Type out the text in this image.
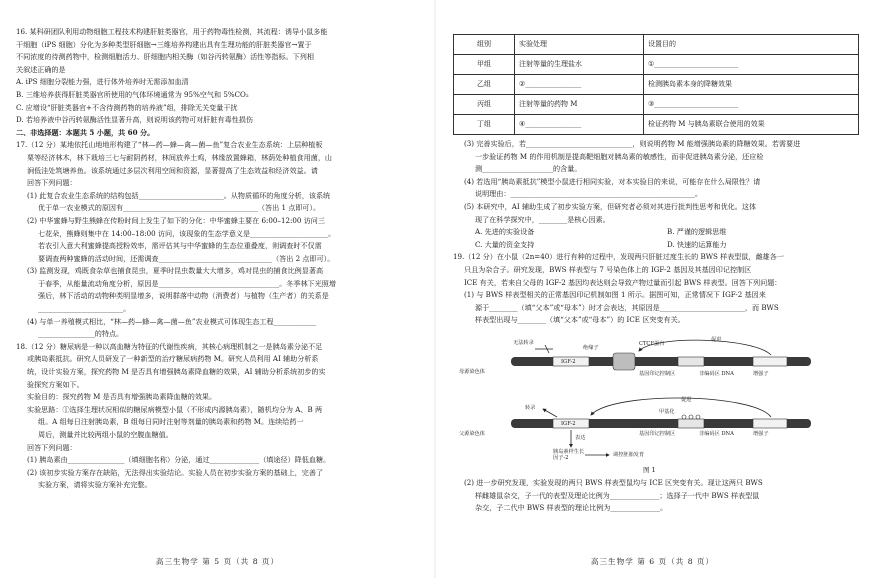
16. 某科研团队利用动物细胞工程技术构建肝脏类器官，用于药物毒性检测，其流程：诱导小鼠多能

干细胞（iPS 细胞）分化为多种类型肝细胞→三维培养构建出具有生理功能的肝脏类器官→置于

不同浓度的待测药物中，检测细胞活力、肝细胞内相关酶（如谷丙转氨酶）活性等指标。下列相

关叙述正确的是

A. iPS 细胞分裂能力强，进行体外培养时无需添加血清

B. 三维培养获得肝脏类器官所使用的气体环境通常为 95%空气和 5%CO₂

C. 应增设“肝脏类器官+不含待测药物的培养液”组，排除无关变量干扰

D. 若培养液中谷丙转氨酶活性显著升高，则说明该药物可对肝脏有毒性损伤

二、非选择题：本题共 5 小题，共 60 分。

17.（12 分）某地依托山地地形构建了“林—药—蜂—禽—菌—鱼”复合农业生态系统：上层种植板

栗等经济林木，林下栽培三七与耐阴药材，林间放养土鸡，林缘放置蜂箱，林荫处种植食用菌，山

涧低洼处筑塘养鱼。该系统通过多层次利用空间和资源，显著提高了生态效益和经济效益。请

回答下列问题：

(1) 此复合农业生态系统的结构包括________________________。从物质循环的角度分析，该系统

优于单一农业模式的原因有______________________________________（答出 1 点即可）。

(2) 中华蜜蜂与野生熊蜂在传粉时间上发生了如下的分化：中华蜜蜂主要在 6:00–12:00 访问三

七花朵，熊蜂则集中在 14:00–18:00 访问，该现象的生态学意义是______________________。

若农引入意大利蜜蜂提高授粉效率，需评估其与中华蜜蜂的生态位重叠度，则调查时不仅需

要调查两种蜜蜂的活动时间，还需调查________________________________（答出 2 点即可）。

(3) 监测发现，鸡既食杂草也捕食昆虫，夏季时昆虫数量大大增多，鸡对昆虫的捕食比例显著高

于春季，从能量流动角度分析，原因是__________________________________。冬季林下光照增

强后，林下活动的动物种类明显增多，说明群落中动物（消费者）与植物（生产者）的关系是

________________________。

(4) 与单一养殖模式相比，“林—药—蜂—禽—菌—鱼”农业模式可体现生态工程____________

________________的特点。

18.（12 分）糖尿病是一种以高血糖为特征的代谢性疾病，其核心病理机制之一是胰岛素分泌不足

或胰岛素抵抗。研究人员研发了一种新型的治疗糖尿病药物 M。研究人员利用 AI 辅助分析系

统，设计实验方案，探究药物 M 是否具有增强胰岛素降血糖的效果，AI 辅助分析系统初步的实

验探究方案如下。

实验目的：探究药物 M 是否具有增强胰岛素降血糖的效果。

实验思路：①选择生理状况相似的糖尿病模型小鼠（不形成内源胰岛素），随机均分为 A、B 两

组。A 组每日注射胰岛素，B 组每日同时注射等剂量的胰岛素和药物 M。连续给药一

周后，测量并比较两组小鼠的空腹血糖值。

回答下列问题：

(1) 胰岛素由________________（填细胞名称）分泌，通过______________（填途径）降低血糖。

(2) 该初步实验方案存在缺陷，无法得出实验结论。实验人员在初步实验方案的基础上，完善了

实验方案，请将实验方案补充完整。

高三生物学 第 5 页（共 8 页）
组别	实验处理	设置目的
甲组	注射等量的生理盐水	①________________________
乙组	②________________	检测胰岛素本身的降糖效果
丙组	注射等量的药物 M	③________________________
丁组	④________________	检证药物 M 与胰岛素联合使用的效果

(3) 完善实验后，若______________________________，则说明药物 M 能增强胰岛素的降糖效果。若需要进

一步验证药物 M 的作用机制是提高靶细胞对胰岛素的敏感性，而非促进胰岛素分泌，还应检

测____________________的含量。

(4) 若选用“胰岛素抵抗”模型小鼠进行相同实验，对本实验目的来说，可能存在什么局限性？请

说明理由：____________________________________________________。

(5) 本研究中，AI 辅助生成了初步实验方案，但研究者必须对其进行批判性思考和优化。这体

现了在科学探究中，________是核心因素。

A. 先进的实验设备	B. 严谨的逻辑思维
C. 大量的资金支持	D. 快速的运算能力

19.（12 分）在小鼠（2n=40）进行有种的过程中，发现两只肝脏过度生长的 BWS 样表型鼠，雌雄各一

只且为杂合子。研究发现，BWS 样表型与 7 号染色体上的 IGF-2 基因及其基因印记控制区

ICE 有关，若来自父母的 IGF-2 基因均表达则会导致产物过量而引起 BWS 样表型。回答下列问题：

(1) 与 BWS 样表型相关的正常基因印记机制如图 1 所示。据图可知，正常情况下 IGF-2 基因来

源于________（填“父本”或“母本”）时才会表达，其原因是________________________，而 BWS

样表型出现与________（填“父本”或“母本”）的 ICE 区突变有关。

母源染色体
父源染色体
无法转录
IGF-2
IGF-2
绝缘子
CTCF蛋白
促进
增强子
基因印记控制区	非编码区 DNA
甲基化
促进
增强子
基因印记控制区	非编码区 DNA
转录
表达
胰岛素样生长因子-2	调控胚胎发育
图 1

(2) 进一步研究发现，实验发现的两只 BWS 样表型鼠均与 ICE 区突变有关。现让这两只 BWS

样雌雄鼠杂交，子一代的表型及理论比例为______________；选择子一代中 BWS 样表型鼠

杂交，子二代中 BWS 样表型的理论比例为______________。

高三生物学 第 6 页（共 8 页）
